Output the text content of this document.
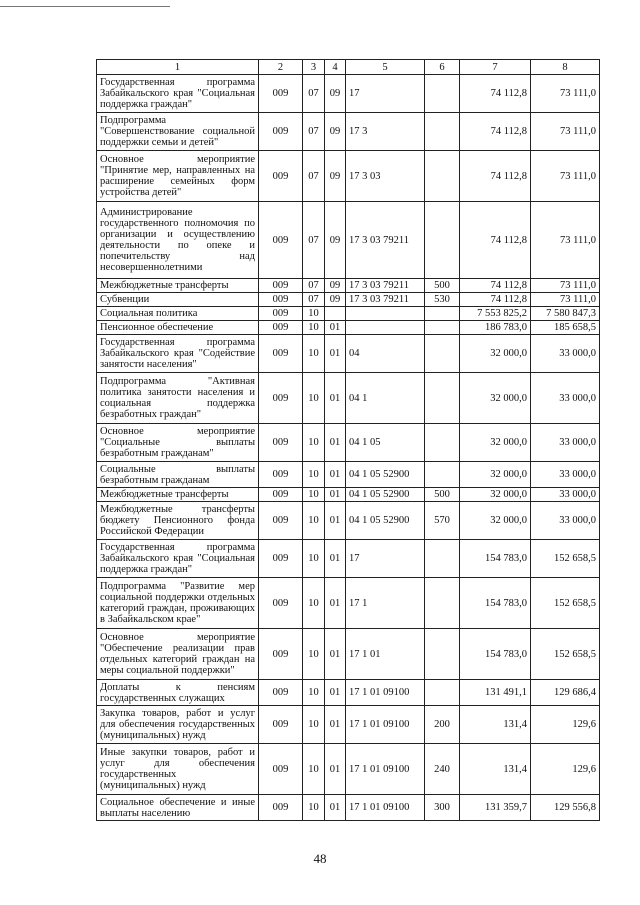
1	2	3	4	5	6	7	8
Государственная программа Забайкальского края "Социальная поддержка граждан"	009	07	09	17		74 112,8	73 111,0
Подпрограмма "Совершенствование социальной поддержки семьи и детей"	009	07	09	17 3		74 112,8	73 111,0
Основное мероприятие "Принятие мер, направленных на расширение семейных форм устройства детей"	009	07	09	17 3 03		74 112,8	73 111,0
Администрирование государственного полномочия по организации и осуществлению деятельности по опеке и попечительству над несовершеннолетними	009	07	09	17 3 03 79211		74 112,8	73 111,0
Межбюджетные трансферты	009	07	09	17 3 03 79211	500	74 112,8	73 111,0
Субвенции	009	07	09	17 3 03 79211	530	74 112,8	73 111,0
Социальная политика	009	10				7 553 825,2	7 580 847,3
Пенсионное обеспечение	009	10	01			186 783,0	185 658,5
Государственная программа Забайкальского края "Содействие занятости населения"	009	10	01	04		32 000,0	33 000,0
Подпрограмма "Активная политика занятости населения и социальная поддержка безработных граждан"	009	10	01	04 1		32 000,0	33 000,0
Основное мероприятие "Социальные выплаты безработным гражданам"	009	10	01	04 1 05		32 000,0	33 000,0
Социальные выплаты безработным гражданам	009	10	01	04 1 05 52900		32 000,0	33 000,0
Межбюджетные трансферты	009	10	01	04 1 05 52900	500	32 000,0	33 000,0
Межбюджетные трансферты бюджету Пенсионного фонда Российской Федерации	009	10	01	04 1 05 52900	570	32 000,0	33 000,0
Государственная программа Забайкальского края "Социальная поддержка граждан"	009	10	01	17		154 783,0	152 658,5
Подпрограмма "Развитие мер социальной поддержки отдельных категорий граждан, проживающих в Забайкальском крае"	009	10	01	17 1		154 783,0	152 658,5
Основное мероприятие "Обеспечение реализации прав отдельных категорий граждан на меры социальной поддержки"	009	10	01	17 1 01		154 783,0	152 658,5
Доплаты к пенсиям государственных служащих	009	10	01	17 1 01 09100		131 491,1	129 686,4
Закупка товаров, работ и услуг для обеспечения государственных (муниципальных) нужд	009	10	01	17 1 01 09100	200	131,4	129,6
Иные закупки товаров, работ и услуг для обеспечения государственных (муниципальных) нужд	009	10	01	17 1 01 09100	240	131,4	129,6
Социальное обеспечение и иные выплаты населению	009	10	01	17 1 01 09100	300	131 359,7	129 556,8
48
